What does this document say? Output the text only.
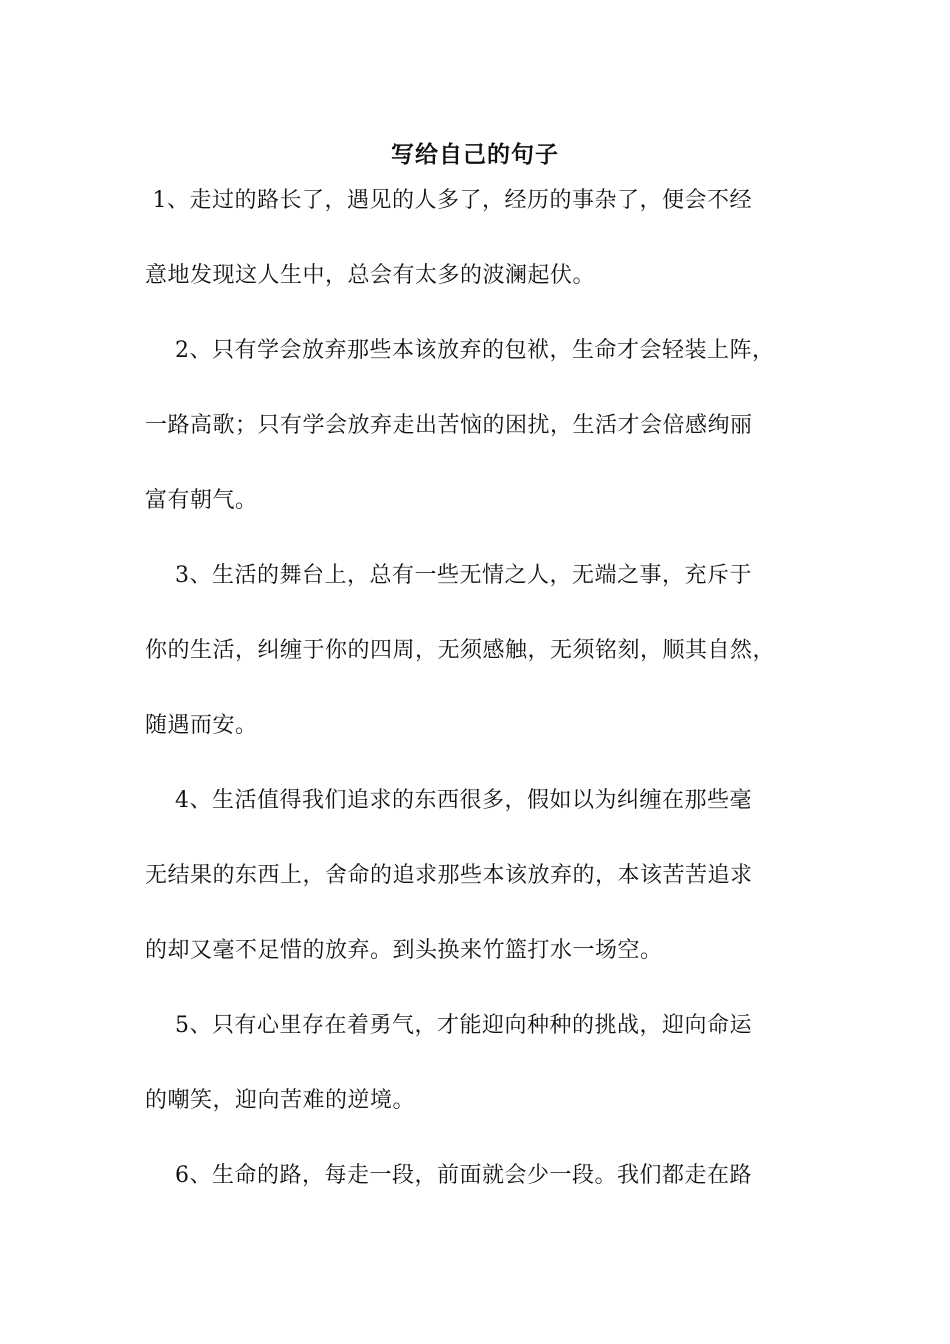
写给自己的句子
1、走过的路长了，遇见的人多了，经历的事杂了，便会不经
意地发现这人生中，总会有太多的波澜起伏。
2、只有学会放弃那些本该放弃的包袱，生命才会轻装上阵，
一路高歌；只有学会放弃走出苦恼的困扰，生活才会倍感绚丽
富有朝气。
3、生活的舞台上，总有一些无情之人，无端之事，充斥于
你的生活，纠缠于你的四周，无须感触，无须铭刻，顺其自然，
随遇而安。
4、生活值得我们追求的东西很多，假如以为纠缠在那些毫
无结果的东西上，舍命的追求那些本该放弃的，本该苦苦追求
的却又毫不足惜的放弃。到头换来竹篮打水一场空。
5、只有心里存在着勇气，才能迎向种种的挑战，迎向命运
的嘲笑，迎向苦难的逆境。
6、生命的路，每走一段，前面就会少一段。我们都走在路
